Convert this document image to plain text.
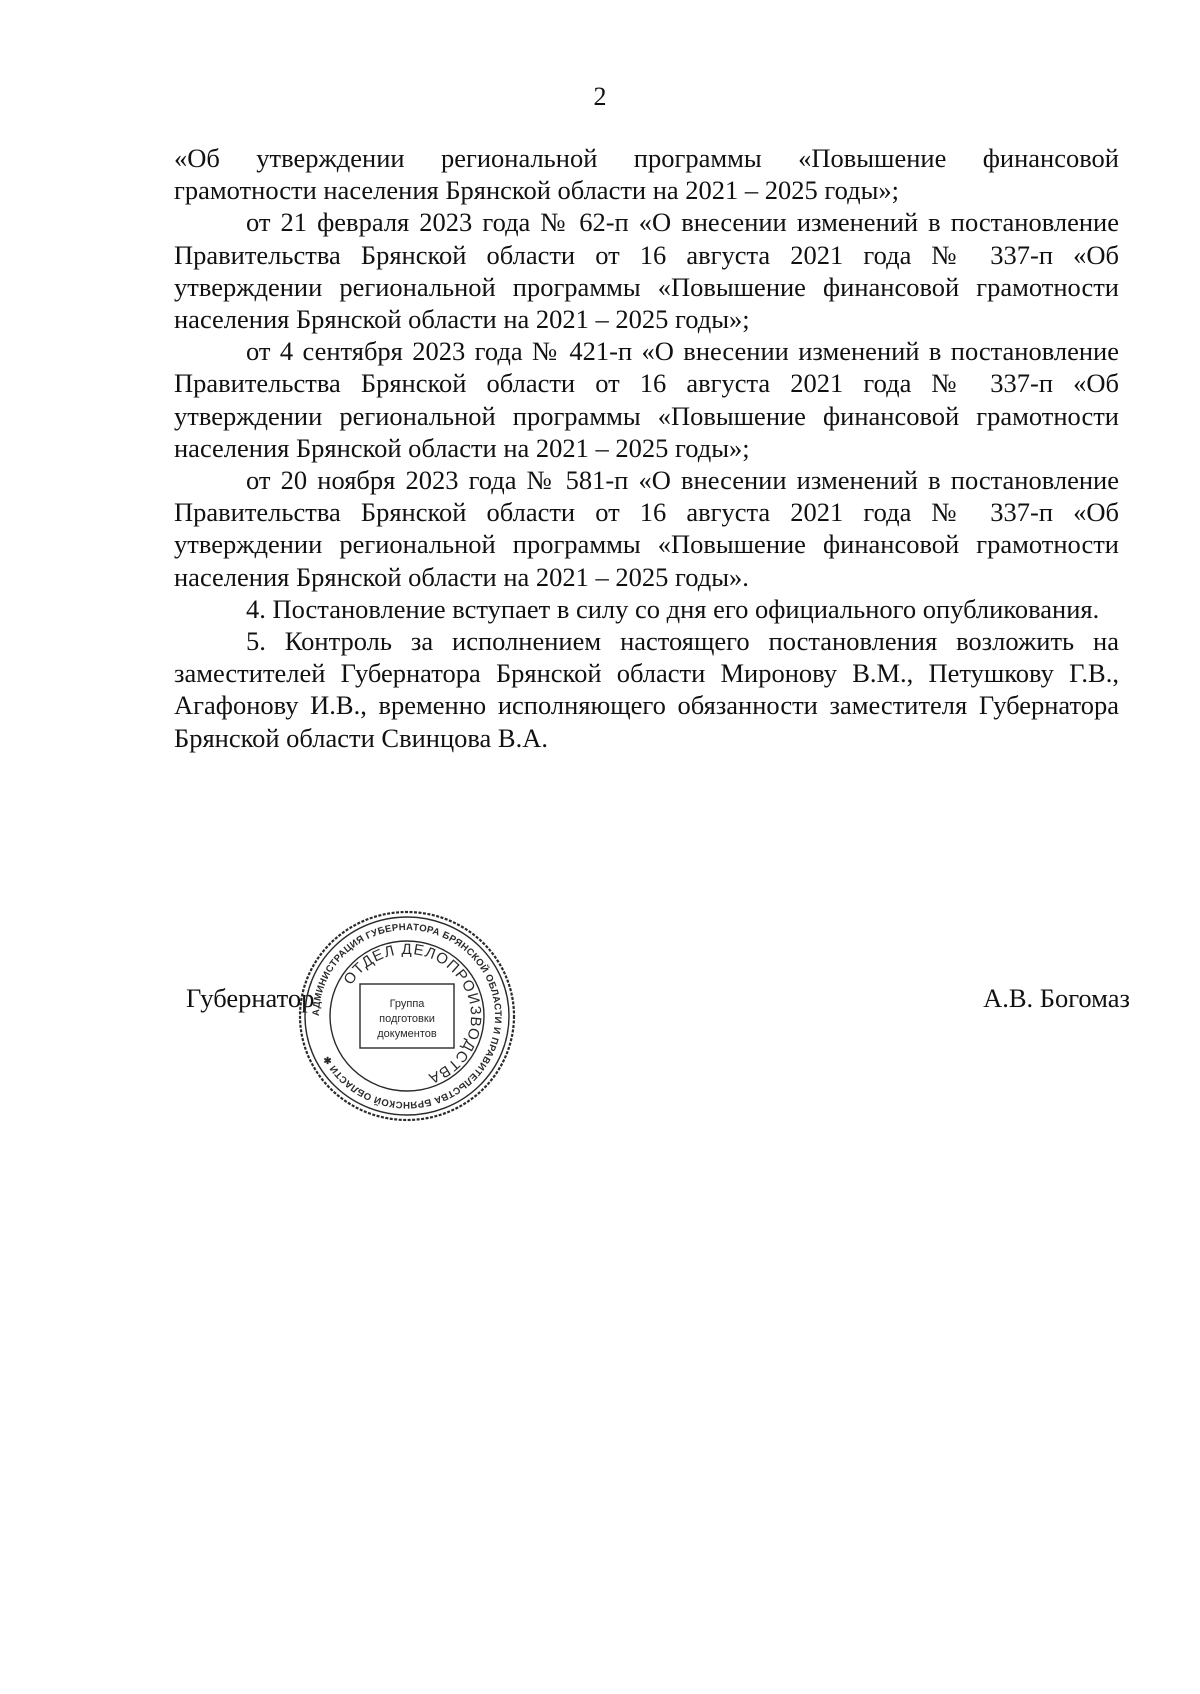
2

«Об утверждении региональной программы «Повышение финансовой грамотности населения Брянской области на 2021 – 2025 годы»;

от 21 февраля 2023 года № 62-п «О внесении изменений в постановление Правительства Брянской области от 16 августа 2021 года № 337-п «Об утверждении региональной программы «Повышение финансовой грамотности населения Брянской области на 2021 – 2025 годы»;

от 4 сентября 2023 года № 421-п «О внесении изменений в постановление Правительства Брянской области от 16 августа 2021 года № 337-п «Об утверждении региональной программы «Повышение финансовой грамотности населения Брянской области на 2021 – 2025 годы»;

от 20 ноября 2023 года № 581-п «О внесении изменений в постановление Правительства Брянской области от 16 августа 2021 года № 337-п «Об утверждении региональной программы «Повышение финансовой грамотности населения Брянской области на 2021 – 2025 годы».

4. Постановление вступает в силу со дня его официального опубликования.

5. Контроль за исполнением настоящего постановления возложить на заместителей Губернатора Брянской области Миронову В.М., Петушкову Г.В., Агафонову И.В., временно исполняющего обязанности заместителя Губернатора Брянской области Свинцова В.А.

Губернатор	А.В. Богомаз
АДМИНИСТРАЦИЯ ГУБЕРНАТОРА БРЯНСКОЙ ОБЛАСТИ И ПРАВИТЕЛЬСТВА БРЯНСКОЙ ОБЛАСТИ ✱
ОТДЕЛ ДЕЛОПРОИЗВОДСТВА
Группа
подготовки
документов
